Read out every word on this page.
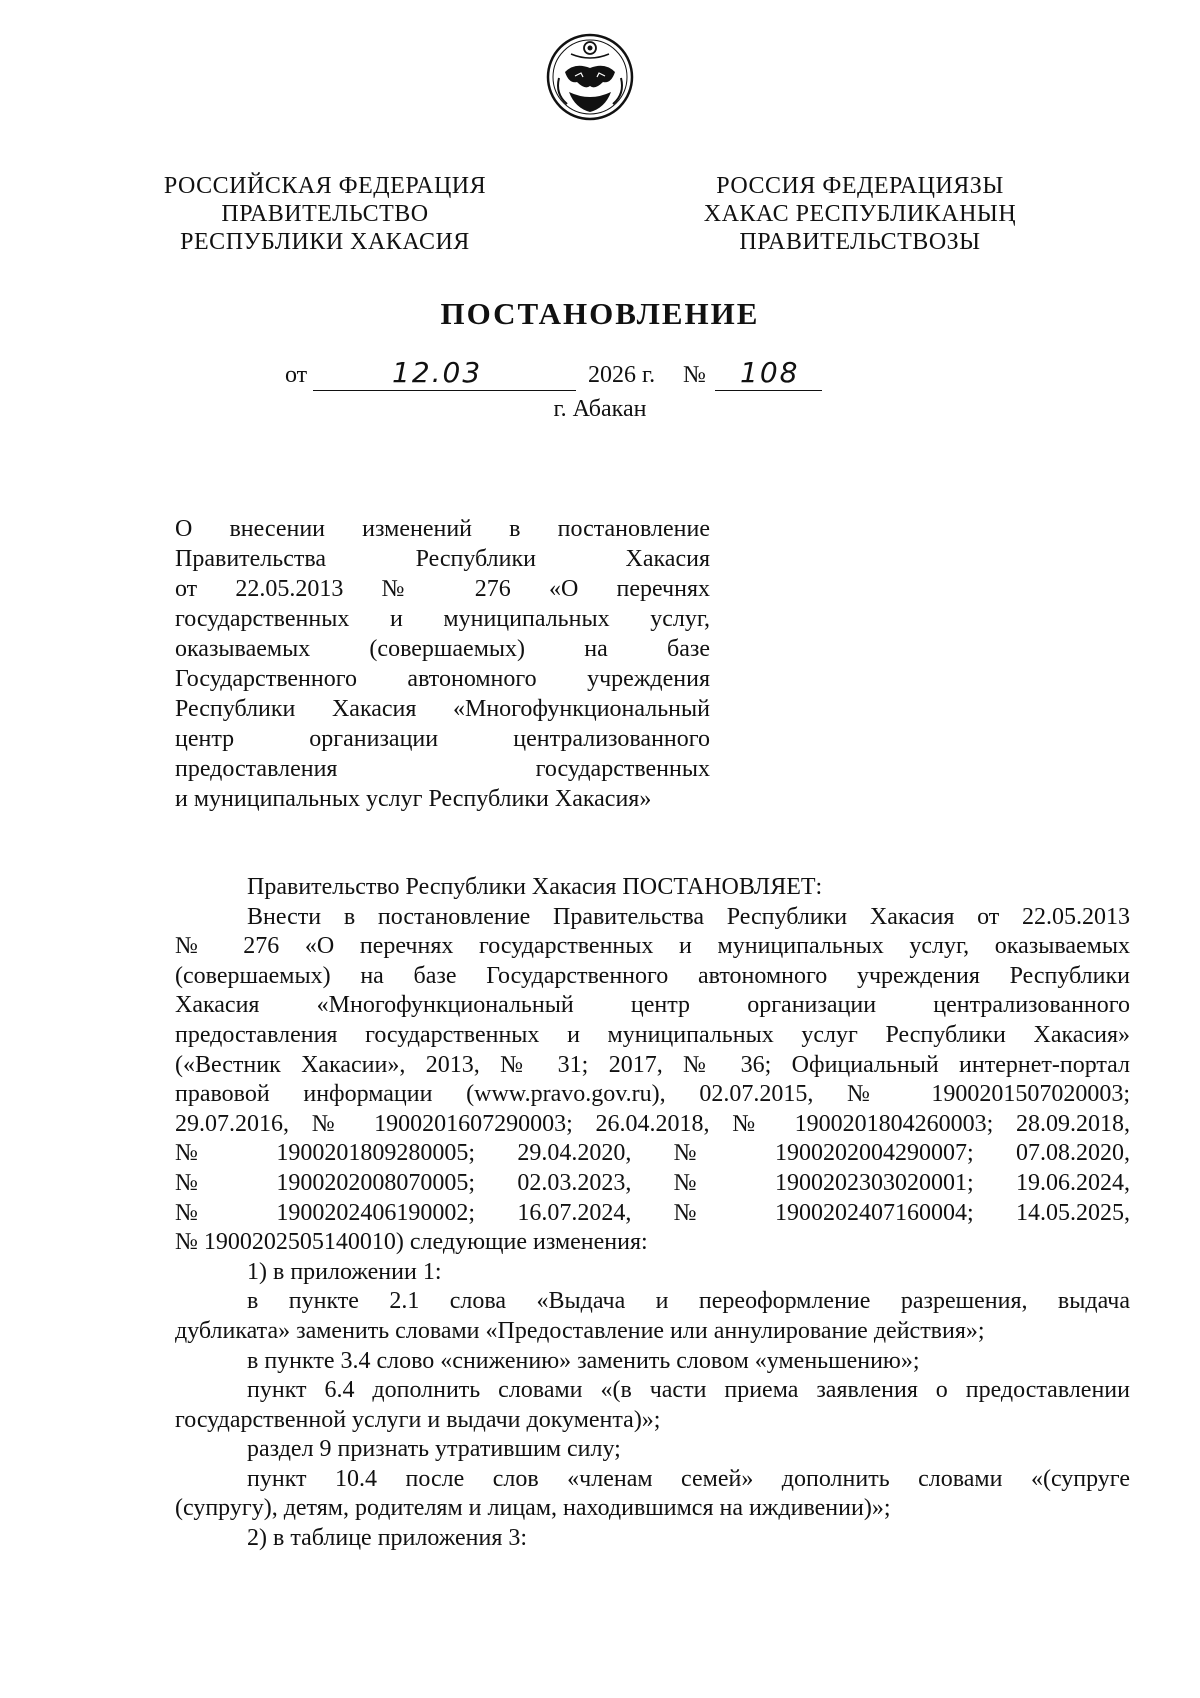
РОССИЙСКАЯ ФЕДЕРАЦИЯ
ПРАВИТЕЛЬСТВО
РЕСПУБЛИКИ ХАКАСИЯ
РОССИЯ ФЕДЕРАЦИЯЗЫ
ХАКАС РЕСПУБЛИКАНЫҢ
ПРАВИТЕЛЬСТВОЗЫ
ПОСТАНОВЛЕНИЕ
от	12.03	2026 г. № 108
г. Абакан
О внесении изменений в постановление
Правительства Республики Хакасия
от 22.05.2013 № 276 «О перечнях
государственных и муниципальных услуг,
оказываемых (совершаемых) на базе
Государственного автономного учреждения
Республики Хакасия «Многофункциональный
центр организации централизованного
предоставления государственных
и муниципальных услуг Республики Хакасия»
Правительство Республики Хакасия ПОСТАНОВЛЯЕТ:
Внести в постановление Правительства Республики Хакасия от 22.05.2013
№ 276 «О перечнях государственных и муниципальных услуг, оказываемых
(совершаемых) на базе Государственного автономного учреждения Республики
Хакасия «Многофункциональный центр организации централизованного
предоставления государственных и муниципальных услуг Республики Хакасия»
(«Вестник Хакасии», 2013, № 31; 2017, № 36; Официальный интернет-портал
правовой информации (www.pravo.gov.ru), 02.07.2015, № 1900201507020003;
29.07.2016, № 1900201607290003; 26.04.2018, № 1900201804260003; 28.09.2018,
№ 1900201809280005; 29.04.2020, № 1900202004290007; 07.08.2020,
№ 1900202008070005; 02.03.2023, № 1900202303020001; 19.06.2024,
№ 1900202406190002; 16.07.2024, № 1900202407160004; 14.05.2025,
№ 1900202505140010) следующие изменения:
1) в приложении 1:
в пункте 2.1 слова «Выдача и переоформление разрешения, выдача
дубликата» заменить словами «Предоставление или аннулирование действия»;
в пункте 3.4 слово «снижению» заменить словом «уменьшению»;
пункт 6.4 дополнить словами «(в части приема заявления о предоставлении
государственной услуги и выдачи документа)»;
раздел 9 признать утратившим силу;
пункт 10.4 после слов «членам семей» дополнить словами «(супруге
(супругу), детям, родителям и лицам, находившимся на иждивении)»;
2) в таблице приложения 3:
